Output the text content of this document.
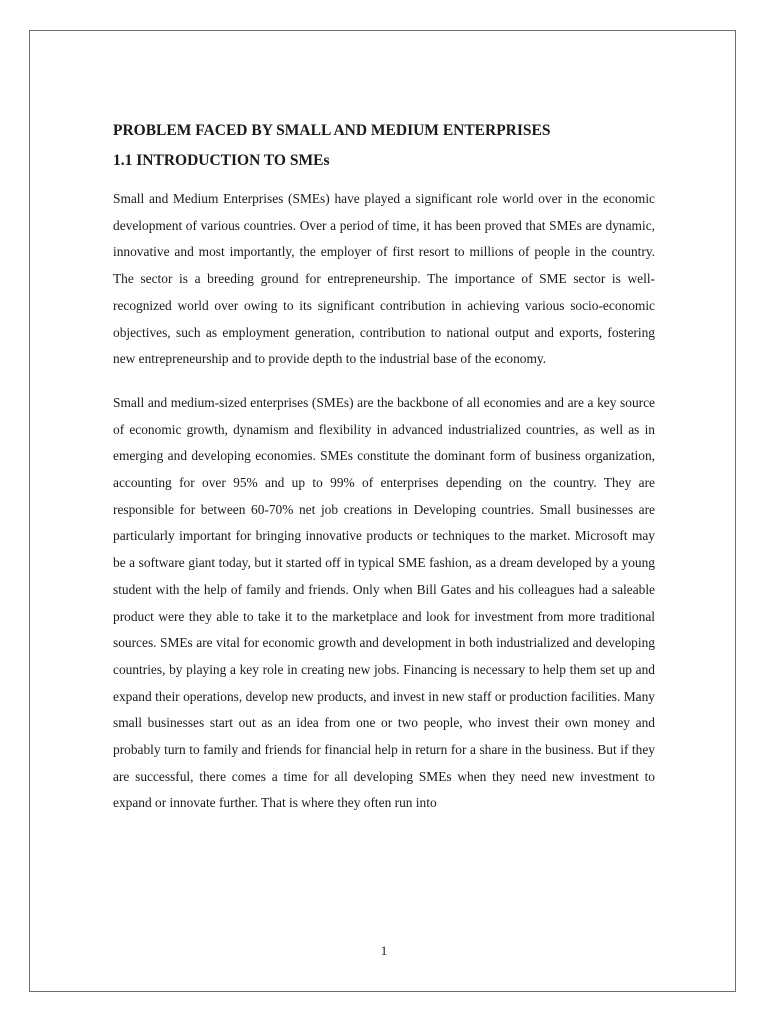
PROBLEM FACED BY SMALL AND MEDIUM ENTERPRISES
1.1 INTRODUCTION TO SMEs

Small and Medium Enterprises (SMEs) have played a significant role world over in the economic development of various countries. Over a period of time, it has been proved that SMEs are dynamic, innovative and most importantly, the employer of first resort to millions of people in the country. The sector is a breeding ground for entrepreneurship. The importance of SME sector is well-recognized world over owing to its significant contribution in achieving various socio-economic objectives, such as employment generation, contribution to national output and exports, fostering new entrepreneurship and to provide depth to the industrial base of the economy.

Small and medium-sized enterprises (SMEs) are the backbone of all economies and are a key source of economic growth, dynamism and flexibility in advanced industrialized countries, as well as in emerging and developing economies. SMEs constitute the dominant form of business organization, accounting for over 95% and up to 99% of enterprises depending on the country. They are responsible for between 60-70% net job creations in Developing countries. Small businesses are particularly important for bringing innovative products or techniques to the market. Microsoft may be a software giant today, but it started off in typical SME fashion, as a dream developed by a young student with the help of family and friends. Only when Bill Gates and his colleagues had a saleable product were they able to take it to the marketplace and look for investment from more traditional sources. SMEs are vital for economic growth and development in both industrialized and developing countries, by playing a key role in creating new jobs. Financing is necessary to help them set up and expand their operations, develop new products, and invest in new staff or production facilities. Many small businesses start out as an idea from one or two people, who invest their own money and probably turn to family and friends for financial help in return for a share in the business. But if they are successful, there comes a time for all developing SMEs when they need new investment to expand or innovate further. That is where they often run into

1
